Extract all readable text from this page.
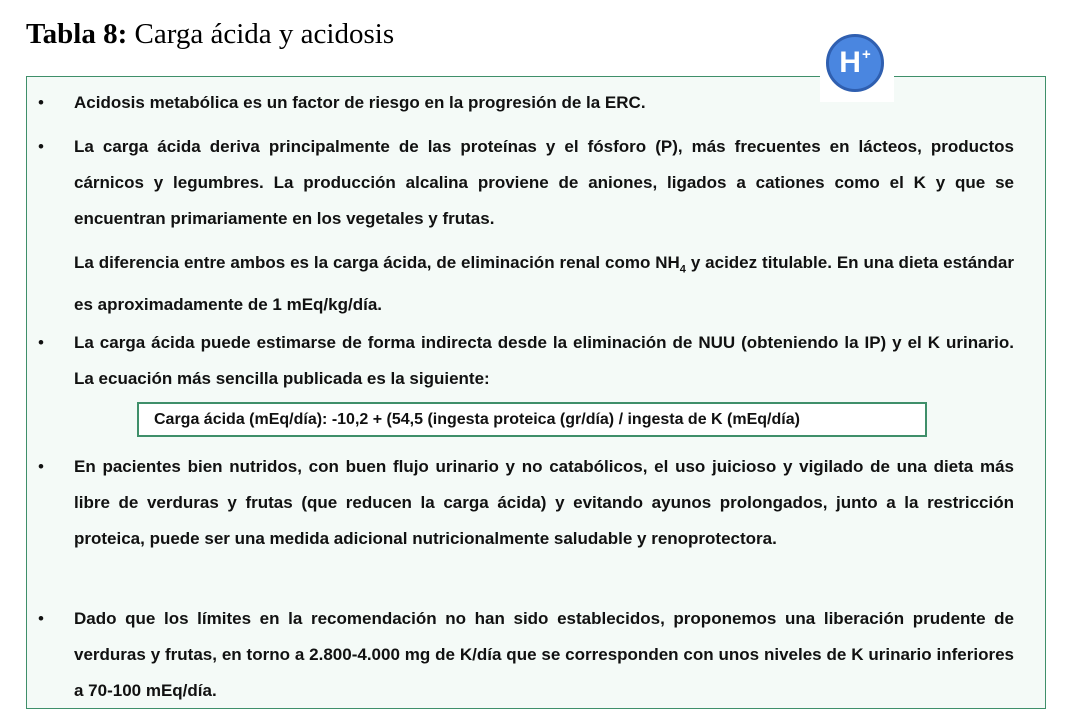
Tabla 8: Carga ácida y acidosis
H+
• Acidosis metabólica es un factor de riesgo en la progresión de la ERC.
• La carga ácida deriva principalmente de las proteínas y el fósforo (P), más frecuentes en lácteos, productos cárnicos y legumbres. La producción alcalina proviene de aniones, ligados a cationes como el K y que se encuentran primariamente en los vegetales y frutas.
La diferencia entre ambos es la carga ácida, de eliminación renal como $NH_4$ y acidez titulable. En una dieta estándar es aproximadamente de 1 mEq/kg/día.
• La carga ácida puede estimarse de forma indirecta desde la eliminación de NUU (obteniendo la IP) y el K urinario. La ecuación más sencilla publicada es la siguiente:
Carga ácida (mEq/día): -10,2 + (54,5 (ingesta proteica (gr/día) / ingesta de K (mEq/día)
• En pacientes bien nutridos, con buen flujo urinario y no catabólicos, el uso juicioso y vigilado de una dieta más libre de verduras y frutas (que reducen la carga ácida) y evitando ayunos prolongados, junto a la restricción proteica, puede ser una medida adicional nutricionalmente saludable y renoprotectora.
• Dado que los límites en la recomendación no han sido establecidos, proponemos una liberación prudente de verduras y frutas, en torno a 2.800-4.000 mg de K/día que se corresponden con unos niveles de K urinario inferiores a 70-100 mEq/día.
